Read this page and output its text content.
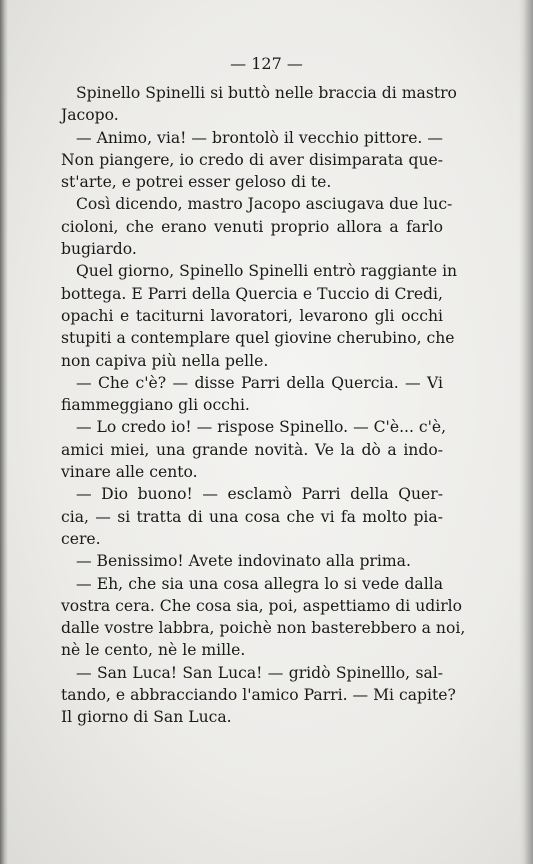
— 127 —
Spinello Spinelli si buttò nelle braccia di mastro
Jacopo.
— Animo, via! — brontolò il vecchio pittore. —
Non piangere, io credo di aver disimparata que-
st'arte, e potrei esser geloso di te.
Così dicendo, mastro Jacopo asciugava due luc-
cioloni, che erano venuti proprio allora a farlo
bugiardo.
Quel giorno, Spinello Spinelli entrò raggiante in
bottega. E Parri della Quercia e Tuccio di Credi,
opachi e taciturni lavoratori, levarono gli occhi
stupiti a contemplare quel giovine cherubino, che
non capiva più nella pelle.
— Che c'è? — disse Parri della Quercia. — Vi
fiammeggiano gli occhi.
— Lo credo io! — rispose Spinello. — C'è... c'è,
amici miei, una grande novità. Ve la dò a indo-
vinare alle cento.
— Dio buono! — esclamò Parri della Quer-
cia, — si tratta di una cosa che vi fa molto pia-
cere.
— Benissimo! Avete indovinato alla prima.
— Eh, che sia una cosa allegra lo si vede dalla
vostra cera. Che cosa sia, poi, aspettiamo di udirlo
dalle vostre labbra, poichè non basterebbero a noi,
nè le cento, nè le mille.
— San Luca! San Luca! — gridò Spinelllo, sal-
tando, e abbracciando l'amico Parri. — Mi capite?
Il giorno di San Luca.
